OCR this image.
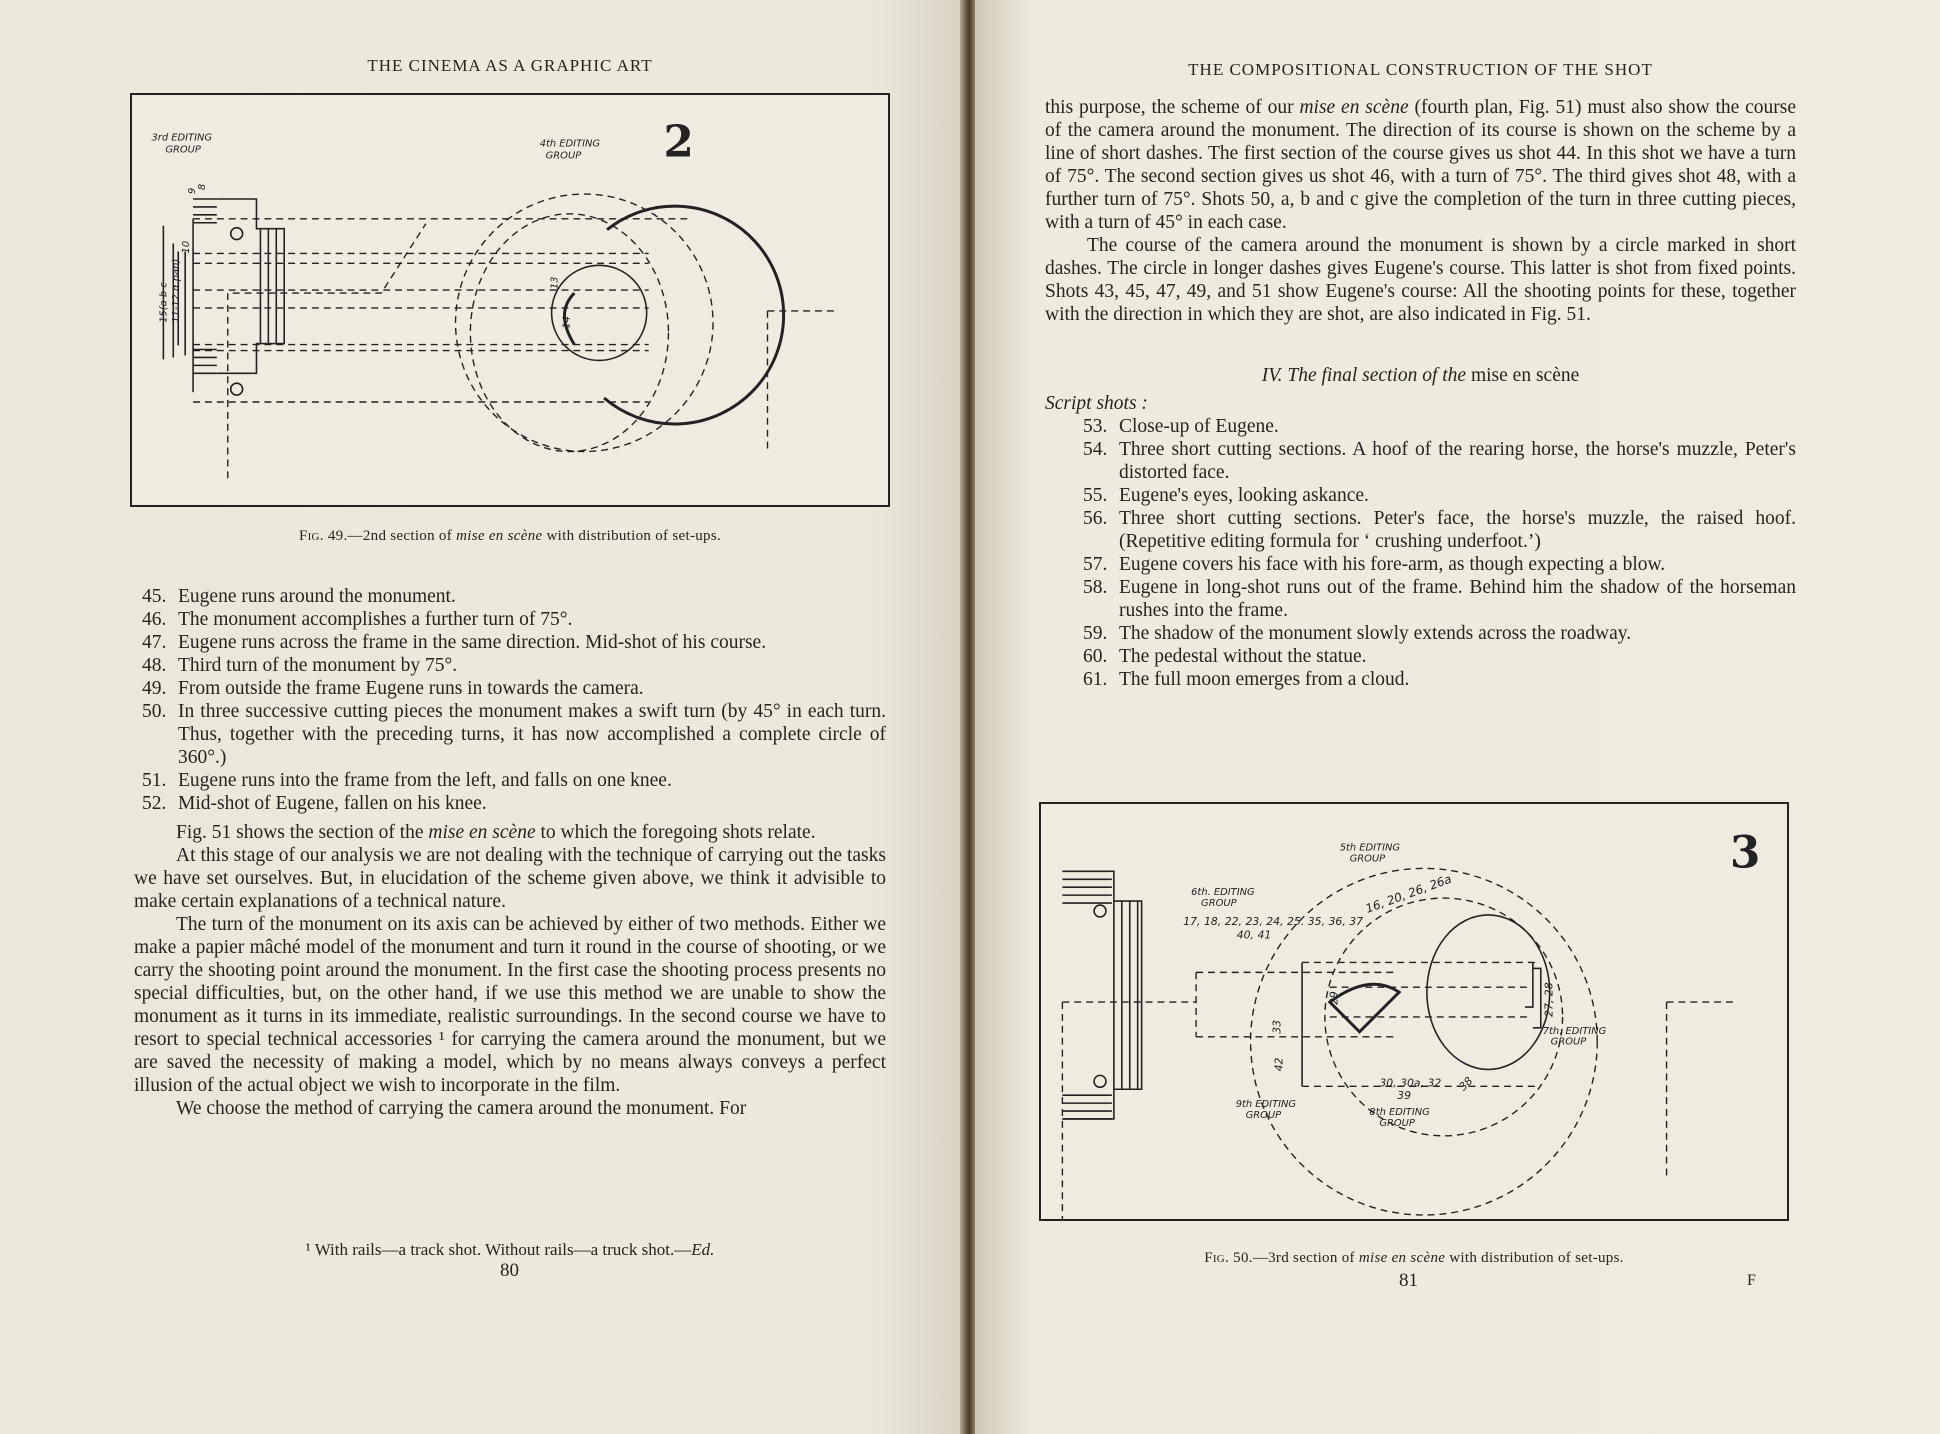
THE CINEMA AS A GRAPHIC ART
2
3rd EDITING
GROUP
4th EDITING
GROUP
15(a b c 11-12 α pan)
10
9
8
13
14
Fig. 49.—2nd section of mise en scène with distribution of set-ups.
45. Eugene runs around the monument.
46. The monument accomplishes a further turn of 75°.
47. Eugene runs across the frame in the same direction. Mid-shot of his course.
48. Third turn of the monument by 75°.
49. From outside the frame Eugene runs in towards the camera.
50. In three successive cutting pieces the monument makes a swift turn (by 45° in each turn. Thus, together with the preceding turns, it has now accomplished a complete circle of 360°.)
51. Eugene runs into the frame from the left, and falls on one knee.
52. Mid-shot of Eugene, fallen on his knee.

Fig. 51 shows the section of the mise en scène to which the foregoing shots relate.

At this stage of our analysis we are not dealing with the technique of carrying out the tasks we have set ourselves. But, in elucidation of the scheme given above, we think it advisible to make certain explanations of a technical nature.

The turn of the monument on its axis can be achieved by either of two methods. Either we make a papier mâché model of the monument and turn it round in the course of shooting, or we carry the shooting point around the monument. In the first case the shooting process presents no special difficulties, but, on the other hand, if we use this method we are unable to show the monument as it turns in its immediate, realistic surroundings. In the second course we have to resort to special technical accessories ¹ for carrying the camera around the monument, but we are saved the necessity of making a model, which by no means always conveys a perfect illusion of the actual object we wish to incorporate in the film.

We choose the method of carrying the camera around the monument. For

¹ With rails—a track shot. Without rails—a truck shot.—Ed.
80
THE COMPOSITIONAL CONSTRUCTION OF THE SHOT

this purpose, the scheme of our mise en scène (fourth plan, Fig. 51) must also show the course of the camera around the monument. The direction of its course is shown on the scheme by a line of short dashes. The first section of the course gives us shot 44. In this shot we have a turn of 75°. The second section gives us shot 46, with a turn of 75°. The third gives shot 48, with a further turn of 75°. Shots 50, a, b and c give the completion of the turn in three cutting pieces, with a turn of 45° in each case.

The course of the camera around the monument is shown by a circle marked in short dashes. The circle in longer dashes gives Eugene's course. This latter is shot from fixed points. Shots 43, 45, 47, 49, and 51 show Eugene's course: All the shooting points for these, together with the direction in which they are shot, are also indicated in Fig. 51.

IV. The final section of the mise en scène
Script shots :
53. Close-up of Eugene.
54. Three short cutting sections. A hoof of the rearing horse, the horse's muzzle, Peter's distorted face.
55. Eugene's eyes, looking askance.
56. Three short cutting sections. Peter's face, the horse's muzzle, the raised hoof. (Repetitive editing formula for ‘ crushing underfoot.’)
57. Eugene covers his face with his fore-arm, as though expecting a blow.
58. Eugene in long-shot runs out of the frame. Behind him the shadow of the horseman rushes into the frame.
59. The shadow of the monument slowly extends across the roadway.
60. The pedestal without the statue.
61. The full moon emerges from a cloud.
3
5th EDITING
GROUP
6th. EDITING
GROUP
17, 18, 22, 23, 24, 25. 35, 36, 37
40, 41
16, 20, 26, 26a
29
33
27, 28
7th. EDITING
GROUP
42
30, 30a, 32
39
38
9th EDITING
GROUP	8th EDITING
GROUP
Fig. 50.—3rd section of mise en scène with distribution of set-ups.
81	F
